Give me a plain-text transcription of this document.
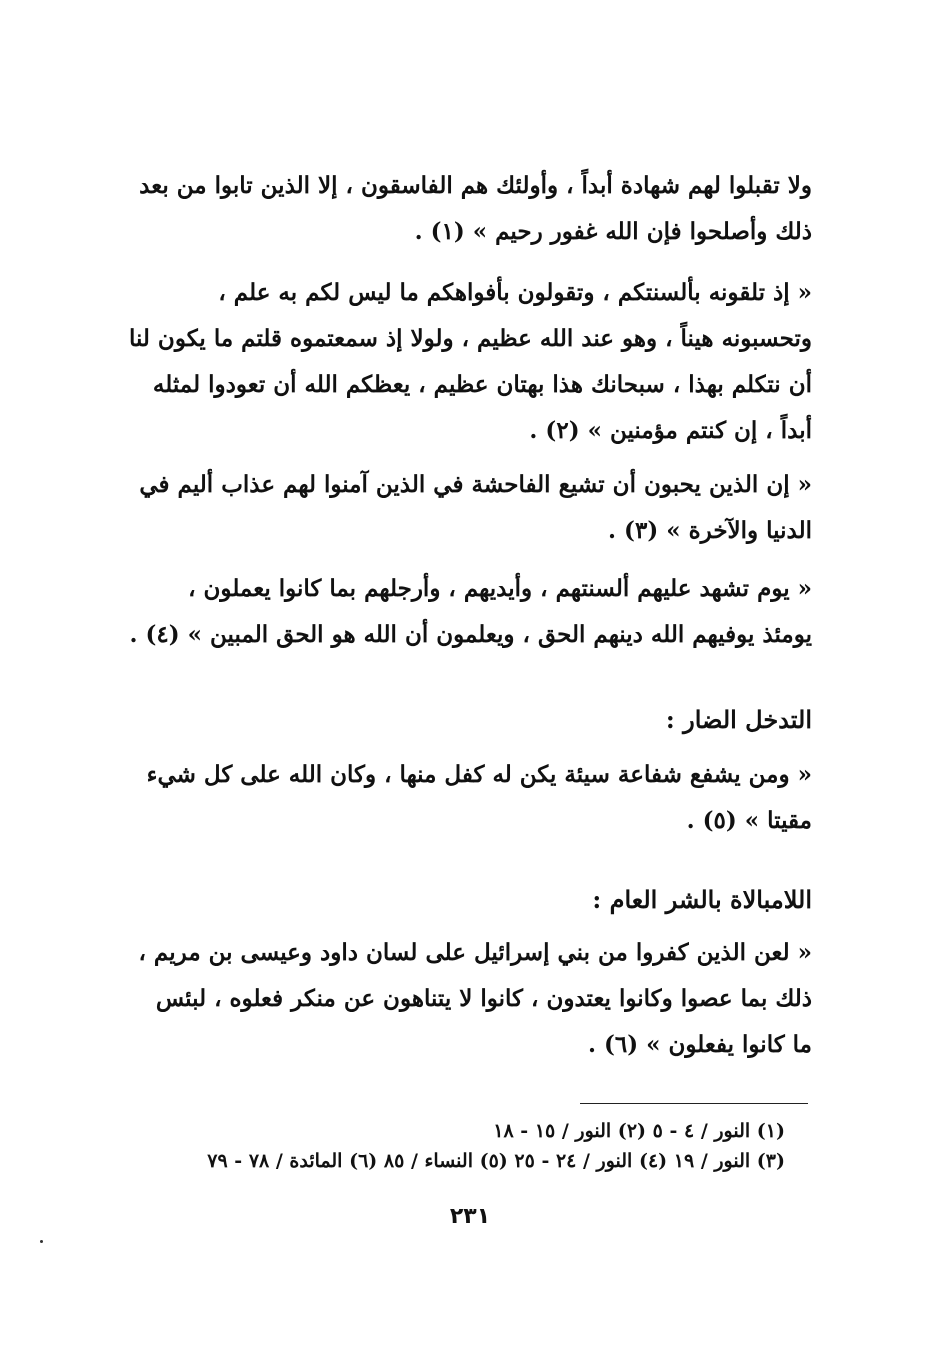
ولا تقبلوا لهم شهادة أبداً ، وأولئك هم الفاسقون ، إلا الذين تابوا من بعد
ذلك وأصلحوا فإن الله غفور رحيم » (١) .
« إذ تلقونه بألسنتكم ، وتقولون بأفواهكم ما ليس لكم به علم ،
وتحسبونه هيناً ، وهو عند الله عظيم ، ولولا إذ سمعتموه قلتم ما يكون لنا
أن نتكلم بهذا ، سبحانك هذا بهتان عظيم ، يعظكم الله أن تعودوا لمثله
أبداً ، إن كنتم مؤمنين » (٢) .
« إن الذين يحبون أن تشيع الفاحشة في الذين آمنوا لهم عذاب أليم في
الدنيا والآخرة » (٣) .
« يوم تشهد عليهم ألسنتهم ، وأيديهم ، وأرجلهم بما كانوا يعملون ،
يومئذ يوفيهم الله دينهم الحق ، ويعلمون أن الله هو الحق المبين » (٤) .
التدخل الضار :
« ومن يشفع شفاعة سيئة يكن له كفل منها ، وكان الله على كل شيء
مقيتا » (٥) .
اللامبالاة بالشر العام :
« لعن الذين كفروا من بني إسرائيل على لسان داود وعيسى بن مريم ،
ذلك بما عصوا وكانوا يعتدون ، كانوا لا يتناهون عن منكر فعلوه ، لبئس
ما كانوا يفعلون » (٦) .
(١) النور / ٤ - ٥ (٢) النور / ١٥ - ١٨
(٣) النور / ١٩ (٤) النور / ٢٤ - ٢٥ (٥) النساء / ٨٥ (٦) المائدة / ٧٨ - ٧٩
٢٣١
